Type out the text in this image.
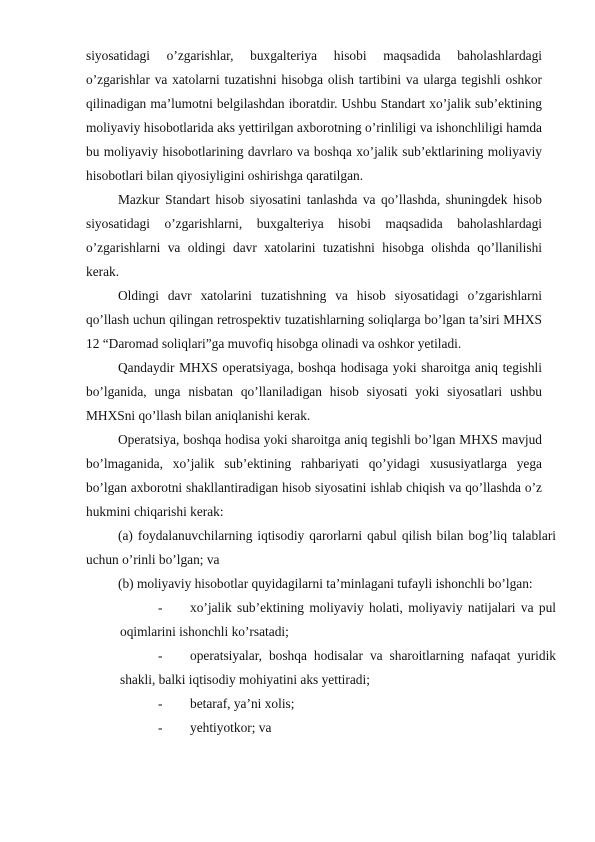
siyosatidagi o’zgarishlar, buxgalteriya hisobi maqsadida baholashlardagi o’zgarishlar va xatolarni tuzatishni hisobga olish tartibini va ularga tegishli oshkor qilinadigan ma’lumotni belgilashdan iboratdir. Ushbu Standart xo’jalik sub’ektining moliyaviy hisobotlarida aks yettirilgan axborotning o’rinliligi va ishonchliligi hamda bu moliyaviy hisobotlarining davrlaro va boshqa xo’jalik sub’ektlarining moliyaviy hisobotlari bilan qiyosiyligini oshirishga qaratilgan.

Mazkur Standart hisob siyosatini tanlashda va qo’llashda, shuningdek hisob siyosatidagi o’zgarishlarni, buxgalteriya hisobi maqsadida baholashlardagi o’zgarishlarni va oldingi davr xatolarini tuzatishni hisobga olishda qo’llanilishi kerak.

Oldingi davr xatolarini tuzatishning va hisob siyosatidagi o’zgarishlarni qo’llash uchun qilingan retrospektiv tuzatishlarning soliqlarga bo’lgan ta’siri MHXS 12 “Daromad soliqlari”ga muvofiq hisobga olinadi va oshkor yetiladi.

Qandaydir MHXS operatsiyaga, boshqa hodisaga yoki sharoitga aniq tegishli bo’lganida, unga nisbatan qo’llaniladigan hisob siyosati yoki siyosatlari ushbu MHXSni qo’llash bilan aniqlanishi kerak.

Operatsiya, boshqa hodisa yoki sharoitga aniq tegishli bo’lgan MHXS mavjud bo’lmaganida, xo’jalik sub’ektining rahbariyati qo’yidagi xususiyatlarga yega bo’lgan axborotni shakllantiradigan hisob siyosatini ishlab chiqish va qo’llashda o’z hukmini chiqarishi kerak:

(a) foydalanuvchilarning iqtisodiy qarorlarni qabul qilish bilan bog’liq talablari uchun o’rinli bo’lgan; va

(b) moliyaviy hisobotlar quyidagilarni ta’minlagani tufayli ishonchli bo’lgan:

-	xo’jalik sub’ektining moliyaviy holati, moliyaviy natijalari va pul oqimlarini ishonchli ko’rsatadi;
-	operatsiyalar, boshqa hodisalar va sharoitlarning nafaqat yuridik shakli, balki iqtisodiy mohiyatini aks yettiradi;
-	betaraf, ya’ni xolis;
-	yehtiyotkor; va
